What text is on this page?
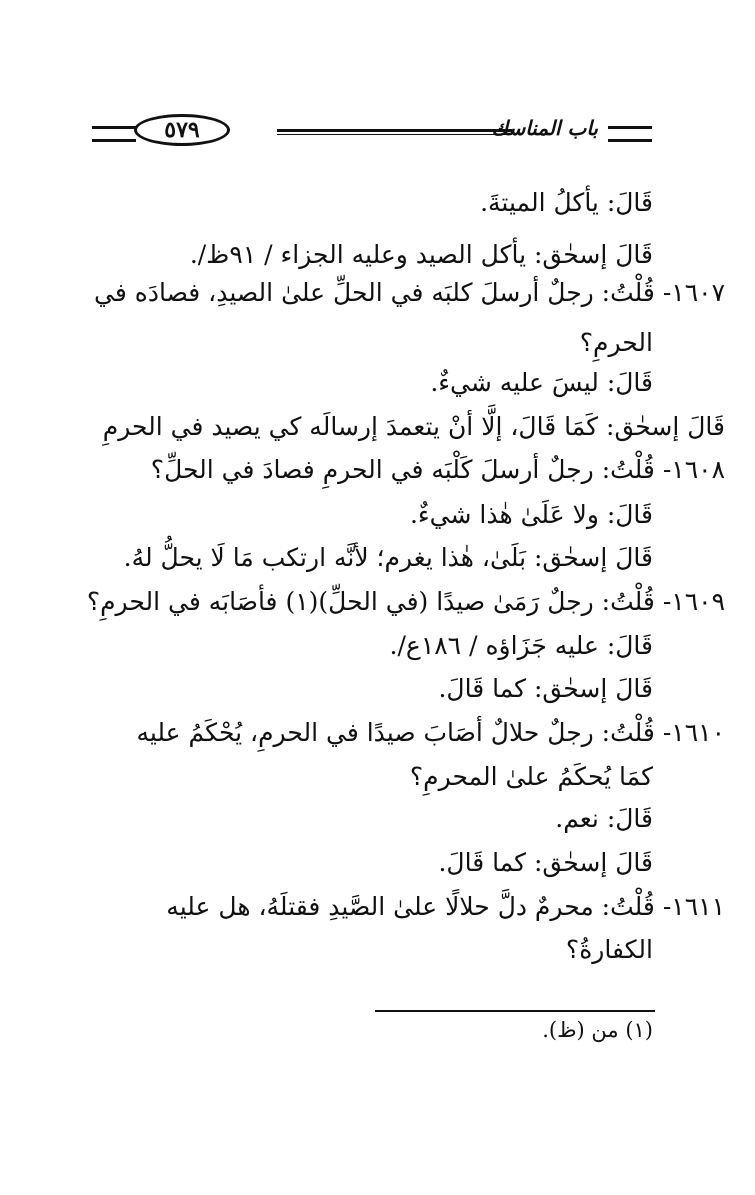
٥٧٩	باب المناسك
قَالَ: يأكلُ الميتةَ.
قَالَ إسحٰق: يأكل الصيد وعليه الجزاء / ٩١ظ/.
١٦٠٧- قُلْتُ: رجلٌ أرسلَ كلبَه في الحلِّ علىٰ الصيدِ، فصادَه في
الحرمِ؟
قَالَ: ليسَ عليه شيءٌ.
قَالَ إسحٰق: كَمَا قَالَ، إلَّا أنْ يتعمدَ إرسالَه كي يصيد في الحرمِ
١٦٠٨- قُلْتُ: رجلٌ أرسلَ كَلْبَه في الحرمِ فصادَ في الحلِّ؟
قَالَ: ولا عَلَىٰ هٰذا شيءٌ.
قَالَ إسحٰق: بَلَىٰ، هٰذا يغرم؛ لأنَّه ارتكب مَا لَا يحلُّ لهُ.
١٦٠٩- قُلْتُ: رجلٌ رَمَىٰ صيدًا (في الحلِّ)(١) فأصَابَه في الحرمِ؟
قَالَ: عليه جَزَاؤه / ١٨٦ع/.
قَالَ إسحٰق: كما قَالَ.
١٦١٠- قُلْتُ: رجلٌ حلالٌ أصَابَ صيدًا في الحرمِ، يُحْكَمُ عليه
كمَا يُحكَمُ علىٰ المحرمِ؟
قَالَ: نعم.
قَالَ إسحٰق: كما قَالَ.
١٦١١- قُلْتُ: محرمٌ دلَّ حلالًا علىٰ الصَّيدِ فقتلَهُ، هل عليه
الكفارةُ؟
(١) من (ظ).
